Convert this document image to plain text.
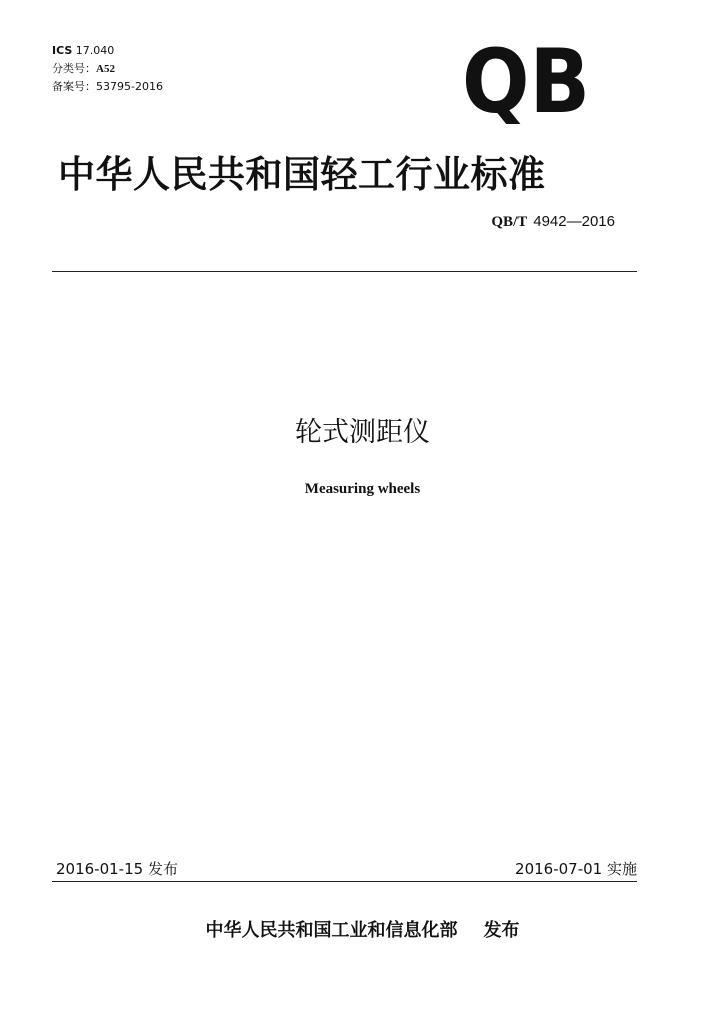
ICS 17.040
分类号：A52
备案号：53795-2016	QB
中华人民共和国轻工行业标准
QB/T 4942—2016
轮式测距仪
Measuring wheels
2016-01-15 发布	2016-07-01 实施
中华人民共和国工业和信息化部 发布
